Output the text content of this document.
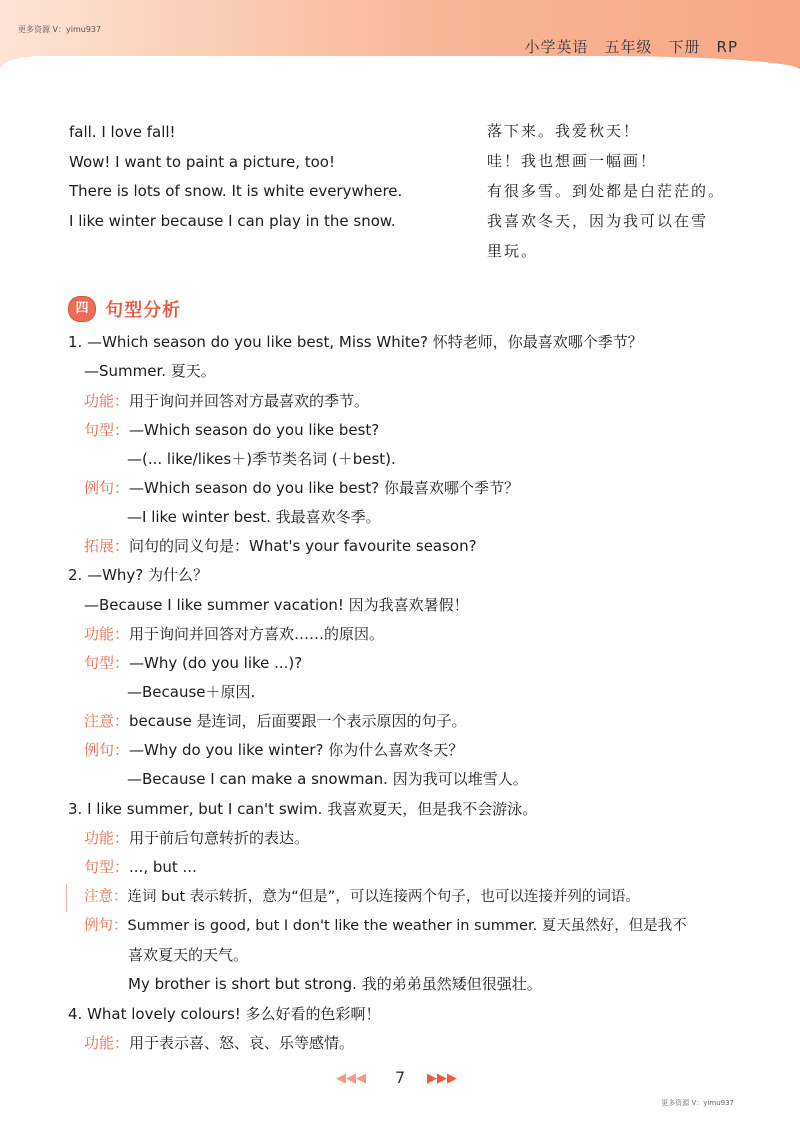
更多资源 V：yimu937
小学英语　五年级　下册　RP
fall. I love fall!
Wow! I want to paint a picture, too!
There is lots of snow. It is white everywhere.
I like winter because I can play in the snow.
落下来。我爱秋天！
哇！我也想画一幅画！
有很多雪。到处都是白茫茫的。
我喜欢冬天，因为我可以在雪
里玩。
四 句型分析
1. —Which season do you like best, Miss White? 怀特老师，你最喜欢哪个季节？
—Summer. 夏天。
功能：用于询问并回答对方最喜欢的季节。
句型：—Which season do you like best?
—(... like/likes＋)季节类名词 (＋best).
例句：—Which season do you like best? 你最喜欢哪个季节？
—I like winter best. 我最喜欢冬季。
拓展：问句的同义句是：What's your favourite season?
2. —Why? 为什么？
—Because I like summer vacation! 因为我喜欢暑假！
功能：用于询问并回答对方喜欢……的原因。
句型：—Why (do you like ...)?
—Because＋原因.
注意：because 是连词，后面要跟一个表示原因的句子。
例句：—Why do you like winter? 你为什么喜欢冬天？
—Because I can make a snowman. 因为我可以堆雪人。
3. I like summer, but I can't swim. 我喜欢夏天，但是我不会游泳。
功能：用于前后句意转折的表达。
句型：..., but ...
注意：连词 but 表示转折，意为“但是”，可以连接两个句子，也可以连接并列的词语。
例句：Summer is good, but I don't like the weather in summer. 夏天虽然好，但是我不
喜欢夏天的天气。
My brother is short but strong. 我的弟弟虽然矮但很强壮。
4. What lovely colours! 多么好看的色彩啊！
功能：用于表示喜、怒、哀、乐等感情。
◀◀◀ 7 ▶▶▶
更多资源 V：yimu937
